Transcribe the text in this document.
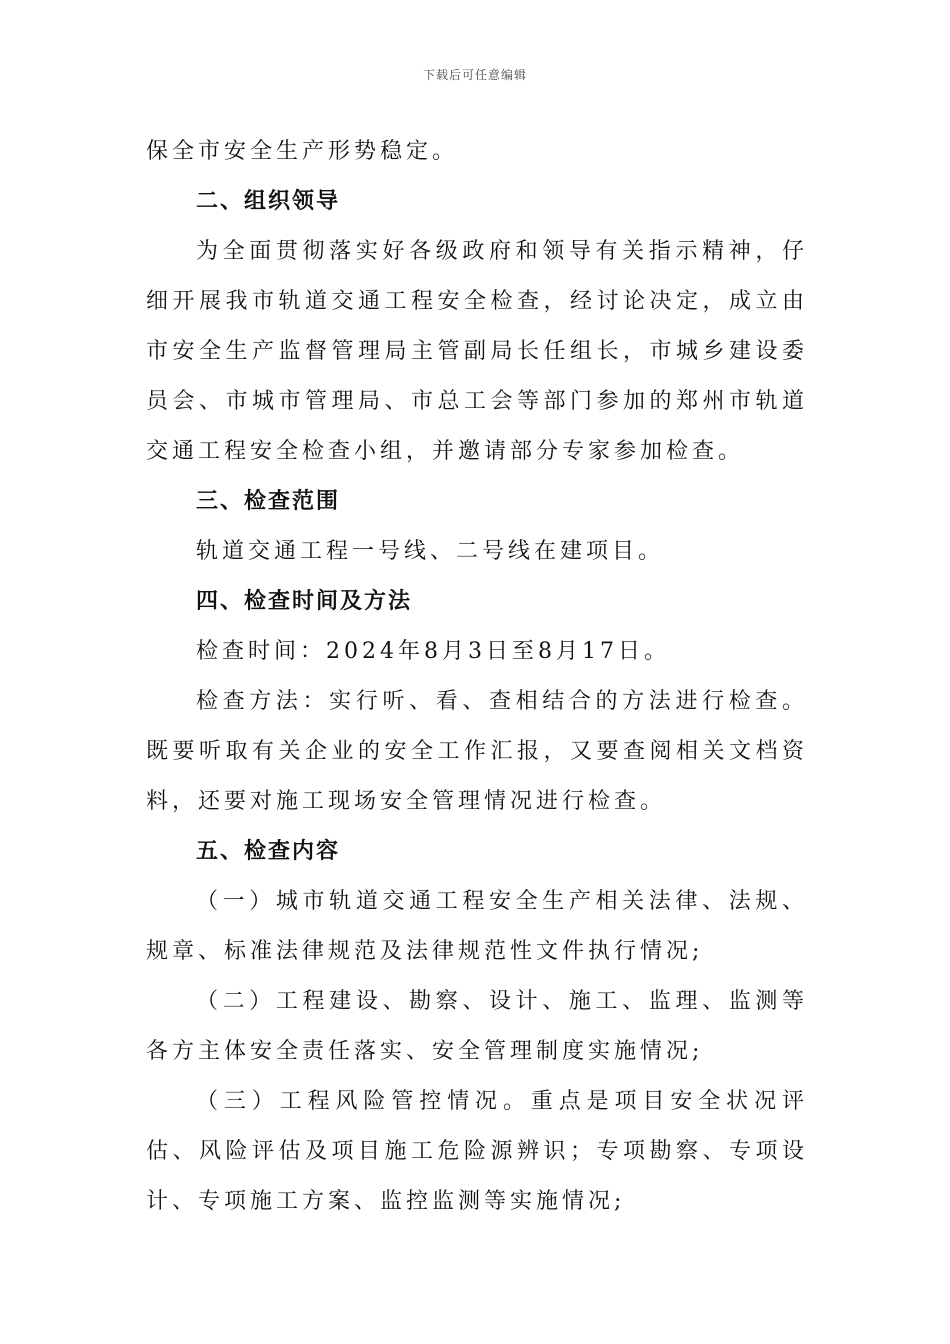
下载后可任意编辑

保全市安全生产形势稳定。

二、组织领导

为全面贯彻落实好各级政府和领导有关指示精神，仔细开展我市轨道交通工程安全检查，经讨论决定，成立由市安全生产监督管理局主管副局长任组长，市城乡建设委员会、市城市管理局、市总工会等部门参加的郑州市轨道交通工程安全检查小组，并邀请部分专家参加检查。

三、检查范围

轨道交通工程一号线、二号线在建项目。

四、检查时间及方法

检查时间：2024年8月3日至8月17日。

检查方法：实行听、看、查相结合的方法进行检查。既要听取有关企业的安全工作汇报，又要查阅相关文档资料，还要对施工现场安全管理情况进行检查。

五、检查内容

（一）城市轨道交通工程安全生产相关法律、法规、规章、标准法律规范及法律规范性文件执行情况;

（二）工程建设、勘察、设计、施工、监理、监测等各方主体安全责任落实、安全管理制度实施情况;

（三）工程风险管控情况。重点是项目安全状况评估、风险评估及项目施工危险源辨识；专项勘察、专项设计、专项施工方案、监控监测等实施情况;
